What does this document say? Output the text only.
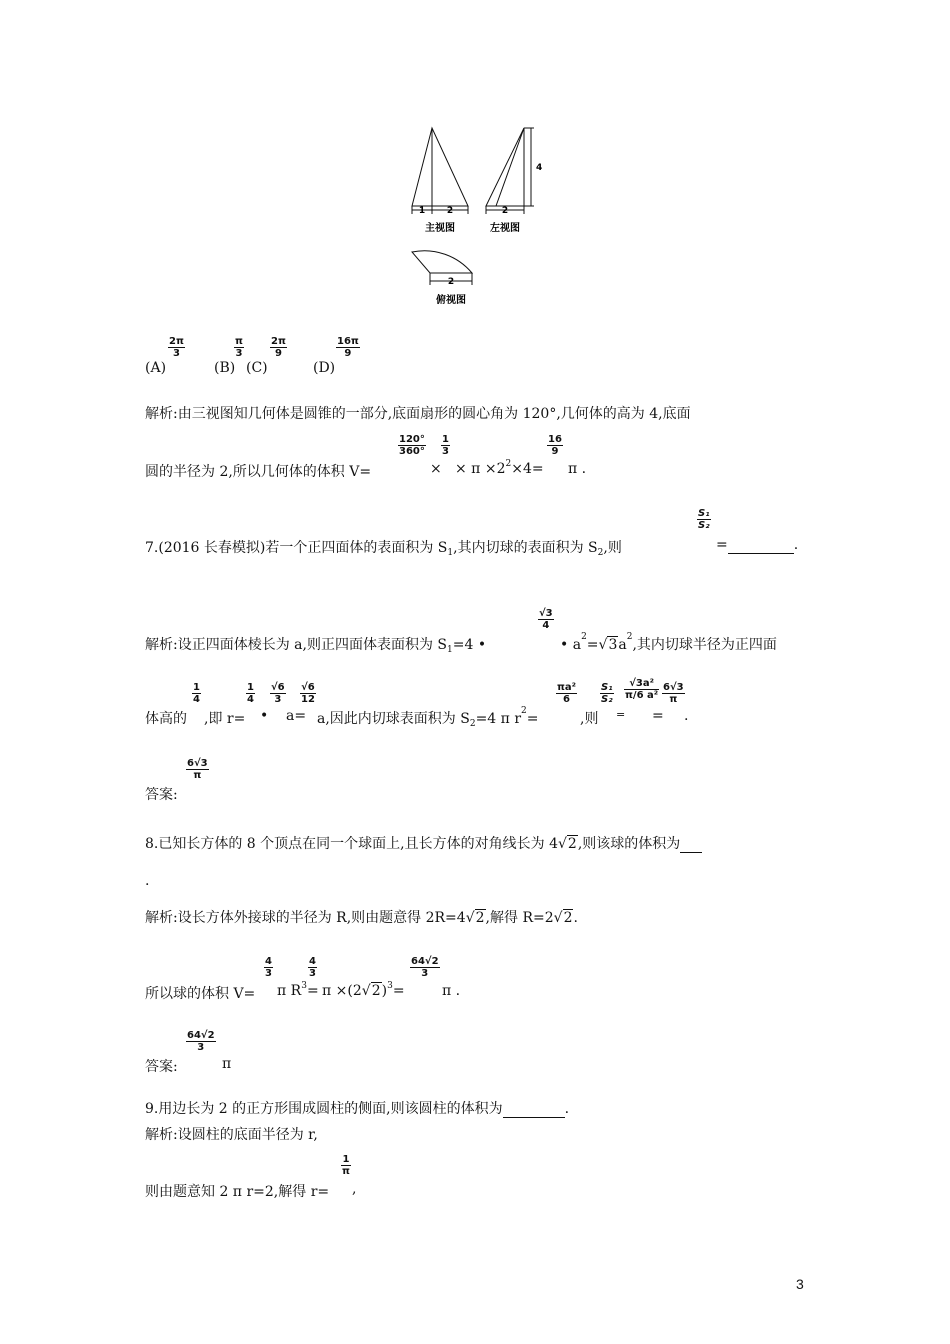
1 2
主视图
4
2
左视图
2
俯视图
(A)
$\frac{2\pi}{3}$
(B)
$\frac{\pi}{3}$
(C)
$\frac{2\pi}{9}$
(D)
$\frac{16\pi}{9}$
解析:由三视图知几何体是圆锥的一部分,底面扇形的圆心角为 120°,几何体的高为 4,底面
圆的半径为 2,所以几何体的体积 V=
$\frac{120^\circ}{360^\circ}$
×
$\frac{1}{3}$
× $\pi \times 2^2\times 4=$
$\frac{16}{9}$
π .
7.(2016 长春模拟)若一个正四面体的表面积为 $S_1$,其内切球的表面积为 $S_2$,则
$\frac{\text{S₁}}{\text{S₂}}$
=	.
解析:设正四面体棱长为 a,则正四面体表面积为 $S_1=4$ •
$\frac{√3}{4}$
• $a^2=√3a^2$,其内切球半径为正四面
体高的
$\frac{1}{4}$
,即 r=
$\frac{1}{4}$
•
$\frac{√6}{3}$
a=
$\frac{√6}{12}$
a,因此内切球表面积为 $S_2=4$ π $r^2=$
$\frac{\text{πa²}}{6}$
,则
$\frac{\text{S₁}}{\text{S₂}}$
=
$\frac{\text{√3a²}}{\text{π/6 a²}}$
=
$\frac{6√3}{\pi}$
.
答案:
$\frac{6√3}{\pi}$
8.已知长方体的 8 个顶点在同一个球面上,且长方体的对角线长为 4√2,则该球的体积为
.
解析:设长方体外接球的半径为 R,则由题意得 2R=4√2,解得 R=2√2.
所以球的体积 V=
$\frac{4}{3}$
π $R^3=$
$\frac{4}{3}$
$\pi \times(2√2)^3=$
$\frac{64√2}{3}$
π .
答案:
$\frac{64√2}{3}$
π
9.用边长为 2 的正方形围成圆柱的侧面,则该圆柱的体积为	.
解析:设圆柱的底面半径为 r,
则由题意知 2 π r=2,解得 r=
$\frac{1}{\pi}$
,
3
